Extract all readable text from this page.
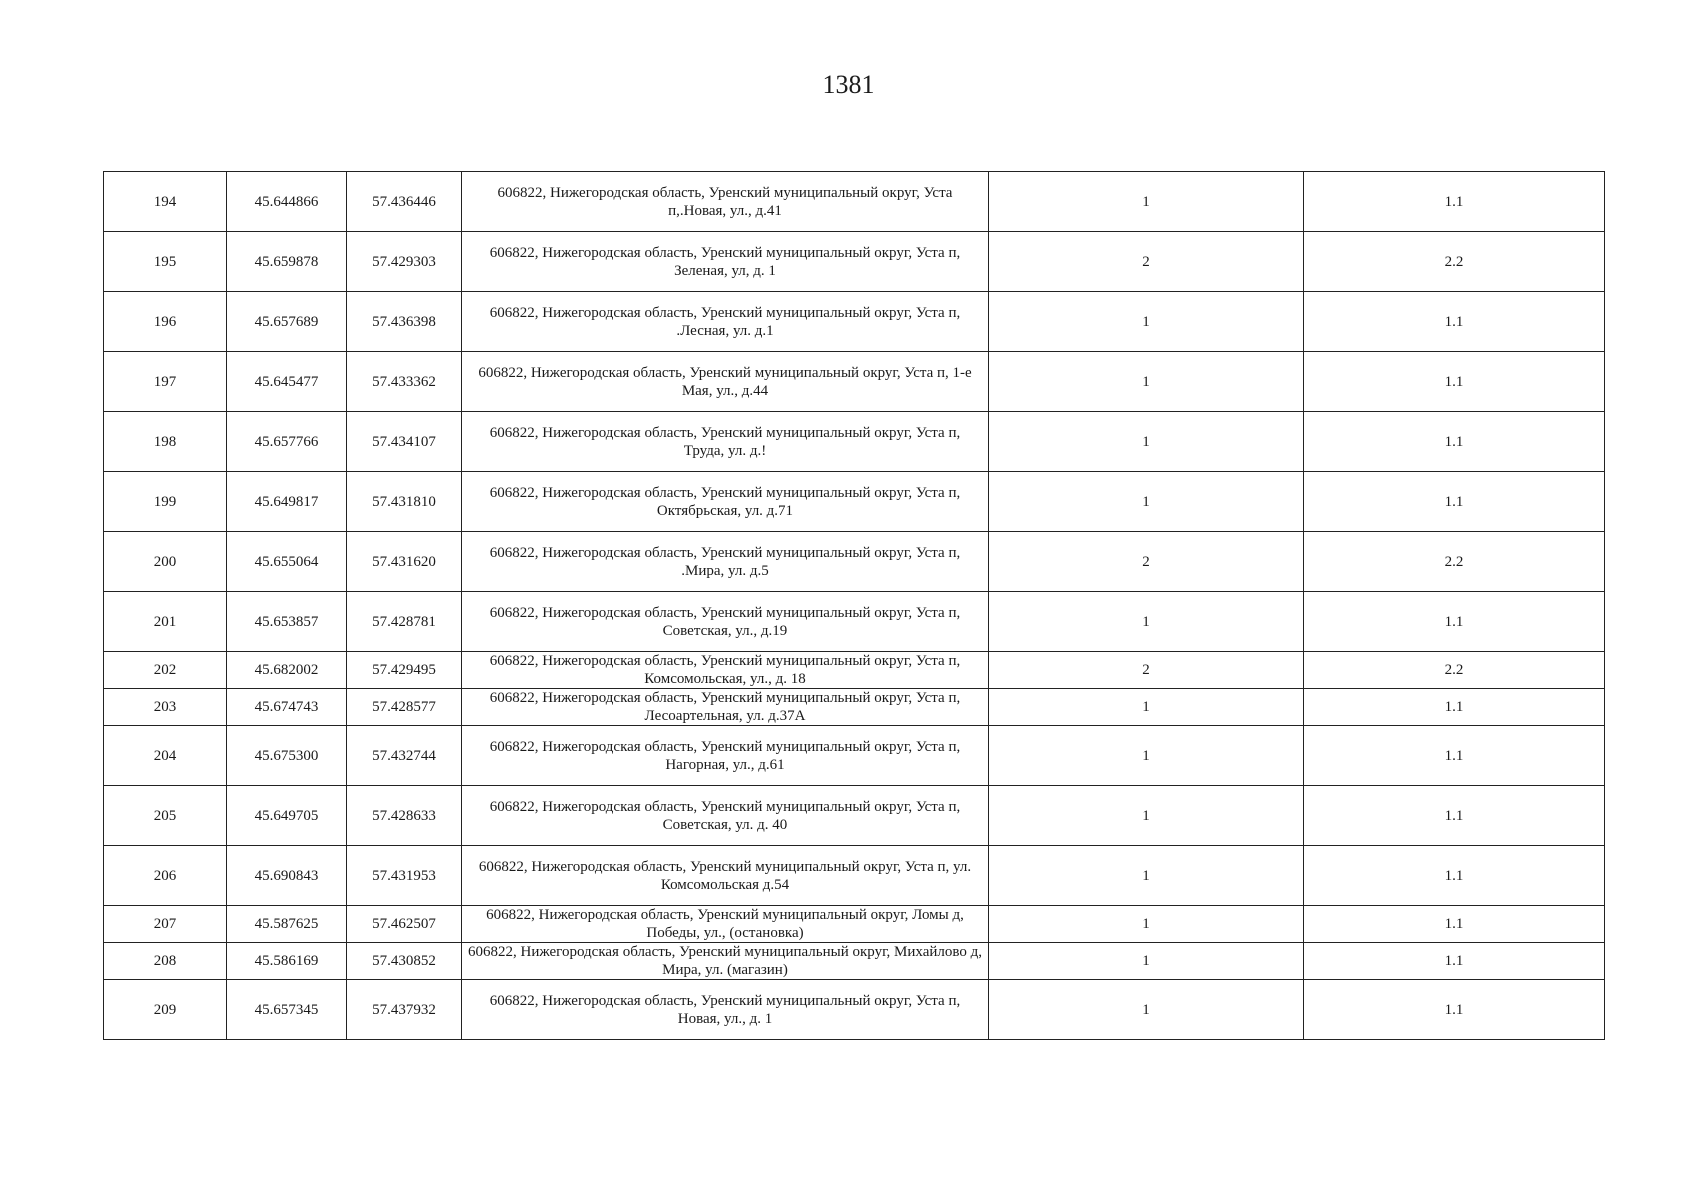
1381
194	45.644866	57.436446	606822, Нижегородская область, Уренский муниципальный округ, Уста п,.Новая, ул., д.41	1	1.1
195	45.659878	57.429303	606822, Нижегородская область, Уренский муниципальный округ, Уста п, Зеленая, ул, д. 1	2	2.2
196	45.657689	57.436398	606822, Нижегородская область, Уренский муниципальный округ, Уста п, .Лесная, ул. д.1	1	1.1
197	45.645477	57.433362	606822, Нижегородская область, Уренский муниципальный округ, Уста п, 1-е Мая, ул., д.44	1	1.1
198	45.657766	57.434107	606822, Нижегородская область, Уренский муниципальный округ, Уста п, Труда, ул. д.!	1	1.1
199	45.649817	57.431810	606822, Нижегородская область, Уренский муниципальный округ, Уста п, Октябрьская, ул. д.71	1	1.1
200	45.655064	57.431620	606822, Нижегородская область, Уренский муниципальный округ, Уста п, .Мира, ул. д.5	2	2.2
201	45.653857	57.428781	606822, Нижегородская область, Уренский муниципальный округ, Уста п, Советская, ул., д.19	1	1.1
202	45.682002	57.429495	606822, Нижегородская область, Уренский муниципальный округ, Уста п, Комсомольская, ул., д. 18	2	2.2
203	45.674743	57.428577	606822, Нижегородская область, Уренский муниципальный округ, Уста п, Лесоартельная, ул. д.37А	1	1.1
204	45.675300	57.432744	606822, Нижегородская область, Уренский муниципальный округ, Уста п, Нагорная, ул., д.61	1	1.1
205	45.649705	57.428633	606822, Нижегородская область, Уренский муниципальный округ, Уста п, Советская, ул. д. 40	1	1.1
206	45.690843	57.431953	606822, Нижегородская область, Уренский муниципальный округ, Уста п, ул. Комсомольская д.54	1	1.1
207	45.587625	57.462507	606822, Нижегородская область, Уренский муниципальный округ, Ломы д, Победы, ул., (остановка)	1	1.1
208	45.586169	57.430852	606822, Нижегородская область, Уренский муниципальный округ, Михайлово д, Мира, ул. (магазин)	1	1.1
209	45.657345	57.437932	606822, Нижегородская область, Уренский муниципальный округ, Уста п, Новая, ул., д. 1	1	1.1
